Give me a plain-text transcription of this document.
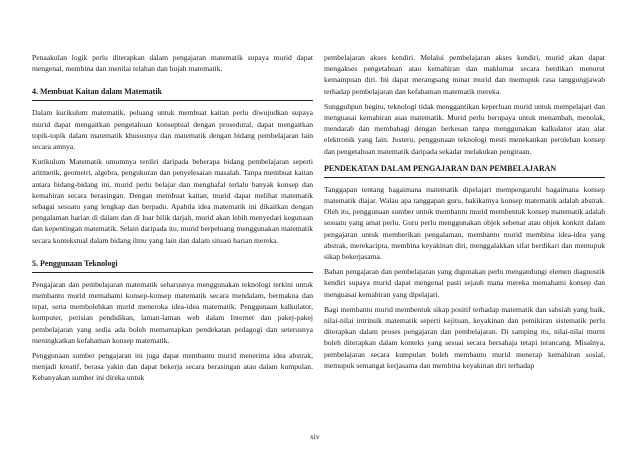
Penaakulan logik perlu diterapkan dalam pengajaran matematik supaya murid dapat mengenal, membina dan menilai telahan dan hujah matematik.

4. Membuat Kaitan dalam Matematik

Dalam kurikulum matematik, peluang untuk membuat kaitan perlu diwujudkan supaya murid dapat mengaitkan pengetahuan konseptual dengan prosedural, dapat mengaitkan topik-topik dalam matematik khususnya dan matematik dengan bidang pembelajaran lain secara amnya.

Kurikulum Matematik umumnya terdiri daripada beberapa bidang pembelajaran seperti aritmetik, geometri, algebra, pengukuran dan penyelesaian masalah. Tanpa membuat kaitan antara bidang-bidang ini, murid perlu belajar dan menghafal terlalu banyak konsep dan kemahiran secara berasingan. Dengan membuat kaitan, murid dapat melihat matematik sebagai sesuatu yang lengkap dan berpadu. Apabila idea matematik ini dikaitkan dengan pengalaman harian di dalam dan di luar bilik darjah, murid akan lebih menyedari kegunaan dan kepentingan matematik. Selain daripada itu, murid berpeluang menggunakan matematik secara kontekstual dalam bidang ilmu yang lain dan dalam situasi harian mereka.

5. Penggunaan Teknologi

Pengajaran dan pembelajaran matematik seharusnya menggunakan teknologi terkini untuk membantu murid memahami konsep-konsep matematik secara mendalam, bermakna dan tepat, serta membolehkan murid meneroka idea-idea matematik. Penggunaan kalkulator, komputer, perisian pendidikan, laman-laman web dalam Internet dan pakej-pakej pembelajaran yang sedia ada boleh memantapkan pendekatan pedagogi dan seterusnya meningkatkan kefahaman konsep matematik.

Penggunaan sumber pengajaran ini juga dapat membantu murid menerima idea abstrak, menjadi kreatif, berasa yakin dan dapat bekerja secara berasingan atau dalam kumpulan. Kebanyakan sumber ini direka untuk

pembelajaran akses kendiri. Melalui pembelajaran akses kendiri, murid akan dapat mengakses pengetahuan atau kemahiran dan maklumat secara berdikari menurut kemampuan diri. Ini dapat merangsang minat murid dan memupuk rasa tanggungjawab terhadap pembelajaran dan kefahaman matematik mereka.

Sungguhpun begitu, teknologi tidak menggantikan keperluan murid untuk mempelajari dan menguasai kemahiran asas matematik. Murid perlu berupaya untuk menambah, menolak, mendarab dan membahagi dengan berkesan tanpa menggunakan kalkulator atau alat elektronik yang lain. Justeru, penggunaan teknologi mesti menekankan perolehan konsep dan pengetahuan matematik daripada sekadar melakukan pengiraan.

PENDEKATAN DALAM PENGAJARAN DAN PEMBELAJARAN

Tanggapan tentang bagaimana matematik dipelajari mempengaruhi bagaimana konsep matematik diajar. Walau apa tanggapan guru, hakikatnya konsep matematik adalah abstrak. Oleh itu, penggunaan sumber untuk membantu murid membentuk konsep matematik adalah sesuatu yang amat perlu. Guru perlu menggunakan objek sebenar atau objek konkrit dalam pengajaran untuk memberikan pengalaman, membantu murid membina idea-idea yang abstrak, merekacipta, membina keyakinan diri, menggalakkan sifat berdikari dan memupuk sikap bekerjasama.

Bahan pengajaran dan pembelajaran yang digunakan perlu mengandungi elemen diagnostik kendiri supaya murid dapat mengenal pasti sejauh mana mereka memahami konsep dan menguasai kemahiran yang dipelajari.

Bagi membantu murid membentuk sikap positif terhadap matematik dan sahsiah yang baik, nilai-nilai intrinsik matematik seperti kejituan, keyakinan dan pemikiran sistematik perlu diterapkan dalam proses pengajaran dan pembelajaran. Di samping itu, nilai-nilai murni boleh diterapkan dalam konteks yang sesuai secara bersahaja tetapi terancang. Misalnya, pembelajaran secara kumpulan boleh membantu murid menerap kemahiran sosial, memupuk semangat kerjasama dan membina keyakinan diri terhadap

xiv
